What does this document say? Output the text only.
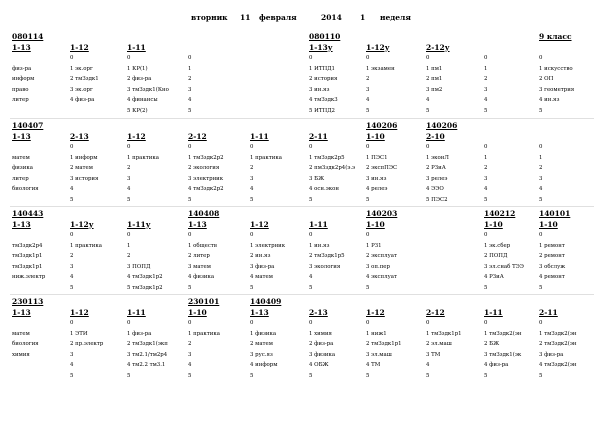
вторник 11 февраля	2014 1 неделя
080114
1-13
физ-ра
информ
право
литер
1-12
0
1 эк.орг
2 тмЗздк1
3 эк.орг
4 физ-ра
1-11
0
1 КР(1)
2 физ-ра
3 тмЗздк1(Кно
4 финансы
5 КР(2)
0
1
2
3
4
5
080110
1-13у
0
1 ИТПД1
2 история
3 ин.яз
4 тмЗздк3
5 ИТПД2
1-12у
0
1 экзамен
2
3
4
5
2-12у
0
1 пм1
2 пм1
3 пм2
4
5
0
1
2
3
4
5
9 класс
0
1 искусство
2 ОП
3 геометрия
4 ин.яз
5
140407
1-13
матем
физика
литер
биология
2-13
0
1 информ
2 матем
3 история
4
5
1-12
0
1 практика
2
3
4
5
2-12
0
1 тмЗздк2р2
2 экология
3 электрник
4 тмЗздк2р2
5
1-11
0
1 практика
2
3
4
5
2-11
0
1 тмЗздк2р5
2 пмЗздк2р4(э.э
3 БЖ
4 осн.экон
5
140206
1-10
0
1 ПЭС1
2 экспПЭС
3 ин.яз
4 релеэ
5
140206
2-10
0
1 эконЛ
2 РЗиА
3 релеэ
4 ЭЭО
5 ПЭС2
0
1
2
3
4
5
0
1
2
3
4
5
140443
1-13
тмЗздк2р4
тмЗздк1р1
тмЗздк1р1
ниж.электр
1-12у
0
1 практика
2
3
4
5
1-11у
0
1
2
3 ПОПД
4 тмЗздк1р2
5 тмЗздк1р2
140408
1-13
0
1 обществ
2 литер
3 матем
4 физика
5
1-12
0
1 электрник
2 ин.яз
3 физ-ра
4 матем
5
1-11
0
1 ин.яз
2 тмЗздк1р5
3 экология
4
5
140203
1-10
0
1 РЗ1
2 эксплуат
3 оп.пер
4 эксплуат
5
140212
1-10
0
1 эк.сбер
2 ПОПД
3 эл.снаб ТЭЭ
4 РЗиА
5
140101
1-10
0
1 ремонт
2 ремонт
3 обслуж
4 ремонт
5
230113
1-13
матем
биология
химия
1-12
0
1 ЭТИ
2 пр.электр
3
4
5
1-11
0
1 физ-ра
2 тмЗздк1(экп
3 тм2.1/тм2р4
4 тм2.2 тм3.1
5
230101
1-10
0
1 практика
2
3
4
5
140409
1-13
0
1 физика
2 матем
3 рус.яз
4 информ
5
2-13
0
1 химия
2 физ-ра
3 физика
4 ОБЖ
5
1-12
0
1 ниж1
2 тмЗздк1р1
3 эл.маш
4 ТМ
5
2-12
0
1 тмЗздк1р1
2 эл.маш
3 ТМ
4
5
1-11
0
1 тмЗздк2(эн
2 БЖ
3 тмЗздк1(эк
4 физ-ра
5
2-11
0
1 тмЗздк2(эн
2 тмЗздк2(эн
3 физ-ра
4 тмЗздк2(эн
5
